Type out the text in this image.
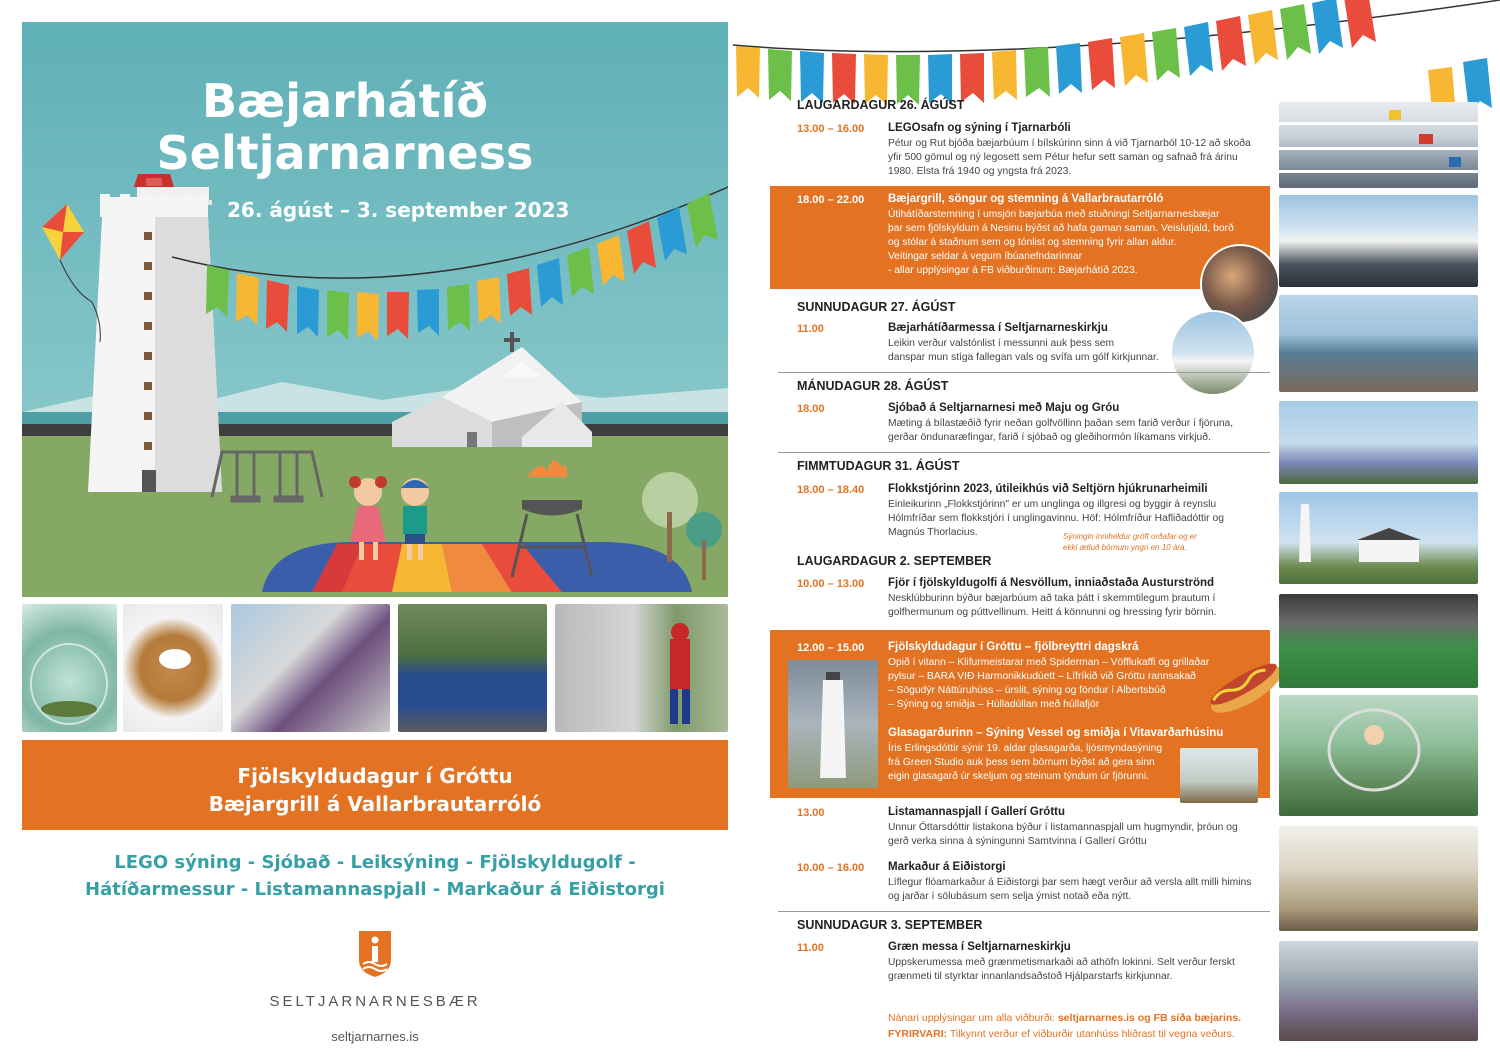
Bæjarhátíð
Seltjarnarness
26. ágúst – 3. september 2023
Fjölskyldudagur í Gróttu
Bæjargrill á Vallarbrautarróló
LEGO sýning - Sjóbað - Leiksýning - Fjölskyldugolf -
Hátíðarmessur - Listamannaspjall - Markaður á Eiðistorgi
SELTJARNARNESBÆR
seltjarnarnes.is
LAUGARDAGUR 26. ÁGÚST
13.00 – 16.00 LEGOsafn og sýning í Tjarnarbóli
Pétur og Rut bjóða bæjarbúum í bílskúrinn sinn á við Tjarnarból 10-12 að skoða yfir 500 gömul og ný legosett sem Pétur hefur sett saman og safnað frá árinu 1980. Elsta frá 1940 og yngsta frá 2023.
18.00 – 22.00 Bæjargrill, söngur og stemning á Vallarbrautarróló
Útihátíðarstemning í umsjón bæjarbúa með stuðningi Seltjarnarnesbæjar
þar sem fjölskyldum á Nesinu býðst að hafa gaman saman. Veislutjald, borð
og stólar á staðnum sem og tónlist og stemning fyrir allan aldur.
Veitingar seldar á vegum íbúanefndarinnar
- allar upplýsingar á FB viðburðinum: Bæjarhátíð 2023.
SUNNUDAGUR 27. ÁGÚST
11.00	Bæjarhátíðarmessa í Seltjarnarneskirkju
Leikin verður valstónlist í messunni auk þess sem
danspar mun stíga fallegan vals og svífa um gólf kirkjunnar.
MÁNUDAGUR 28. ÁGÚST
18.00	Sjóbað á Seltjarnarnesi með Maju og Gróu
Mæting á bílastæðið fyrir neðan golfvöllinn þaðan sem farið verður í fjöruna, gerðar öndunaræfingar, farið í sjóbað og gleðihormón líkamans virkjuð.
FIMMTUDAGUR 31. ÁGÚST
18.00 – 18.40 Flokkstjórinn 2023, útileikhús við Seltjörn hjúkrunarheimili
Einleikurinn „Flokkstjórinn" er um unglinga og illgresi og byggir á reynslu Hólmfríðar sem flokkstjóri í unglingavinnu. Höf: Hólmfríður Hafliðadóttir og Magnús Thorlacius.	Sýningin inniheldur gróft orðafar og er ekki ætluð börnum yngri en 10 ára.
LAUGARDAGUR 2. SEPTEMBER
10.00 – 13.00 Fjör í fjölskyldugolfi á Nesvöllum, inniaðstaða Austurströnd
Nesklúbburinn býður bæjarbúum að taka þátt í skemmtilegum þrautum í golfhermunum og púttvellinum. Heitt á könnunni og hressing fyrir börnin.
12.00 – 15.00 Fjölskyldudagur í Gróttu – fjölbreyttri dagskrá
Opið í vitann – Klifurmeistarar með Spiderman – Vöfflukaffi og grillaðar
pylsur – BARA VIÐ Harmonikkudúett – Lífríkið við Gróttu rannsakað
– Sögudýr Náttúruhúss – úrslit, sýning og föndur í Albertsbúð
– Sýning og smiðja – Húlladúllan með húllafjör
Glasagarðurinn – Sýning Vessel og smiðja í Vitavarðarhúsinu
Íris Erlingsdóttir sýnir 19. aldar glasagarða, ljósmyndasýning
frá Green Studio auk þess sem börnum býðst að gera sinn
eigin glasagarð úr skeljum og steinum týndum úr fjörunni.
13.00	Listamannaspjall í Gallerí Gróttu
Unnur Óttarsdóttir listakona býður í listamannaspjall um hugmyndir, þróun og gerð verka sinna á sýningunni Samtvinna í Gallerí Gróttu
10.00 – 16.00 Markaður á Eiðistorgi
Líflegur flóamarkaður á Eiðistorgi þar sem hægt verður að versla allt milli himins og jarðar í sölubásum sem selja ýmist notað eða nýtt.
SUNNUDAGUR 3. SEPTEMBER
11.00	Græn messa í Seltjarnarneskirkju
Uppskerumessa með grænmetismarkaði að athöfn lokinni. Selt verður ferskt grænmeti til styrktar innanlandsaðstoð Hjálparstarfs kirkjunnar.
Nánari upplýsingar um alla viðburði: seltjarnarnes.is og FB síða bæjarins.
FYRIRVARI: Tilkynnt verður ef viðburðir utanhúss hliðrast til vegna veðurs.
